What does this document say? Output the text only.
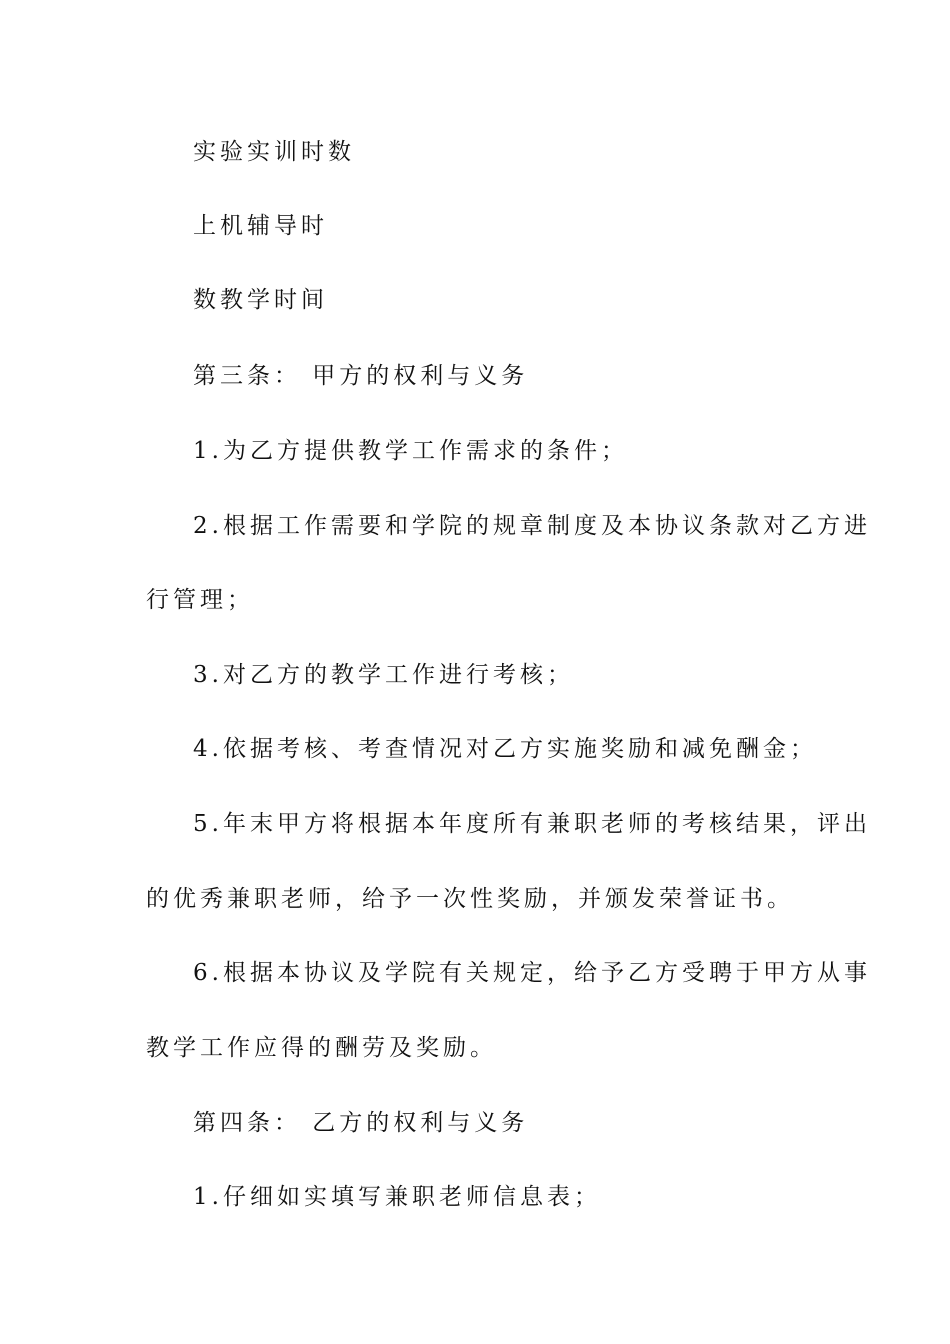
实验实训时数
上机辅导时
数教学时间
第三条： 甲方的权利与义务
1.为乙方提供教学工作需求的条件；
2.根据工作需要和学院的规章制度及本协议条款对乙方进
行管理；
3.对乙方的教学工作进行考核；
4.依据考核、考查情况对乙方实施奖励和减免酬金；
5.年末甲方将根据本年度所有兼职老师的考核结果，评出
的优秀兼职老师，给予一次性奖励，并颁发荣誉证书。
6.根据本协议及学院有关规定，给予乙方受聘于甲方从事
教学工作应得的酬劳及奖励。
第四条： 乙方的权利与义务
1.仔细如实填写兼职老师信息表；
